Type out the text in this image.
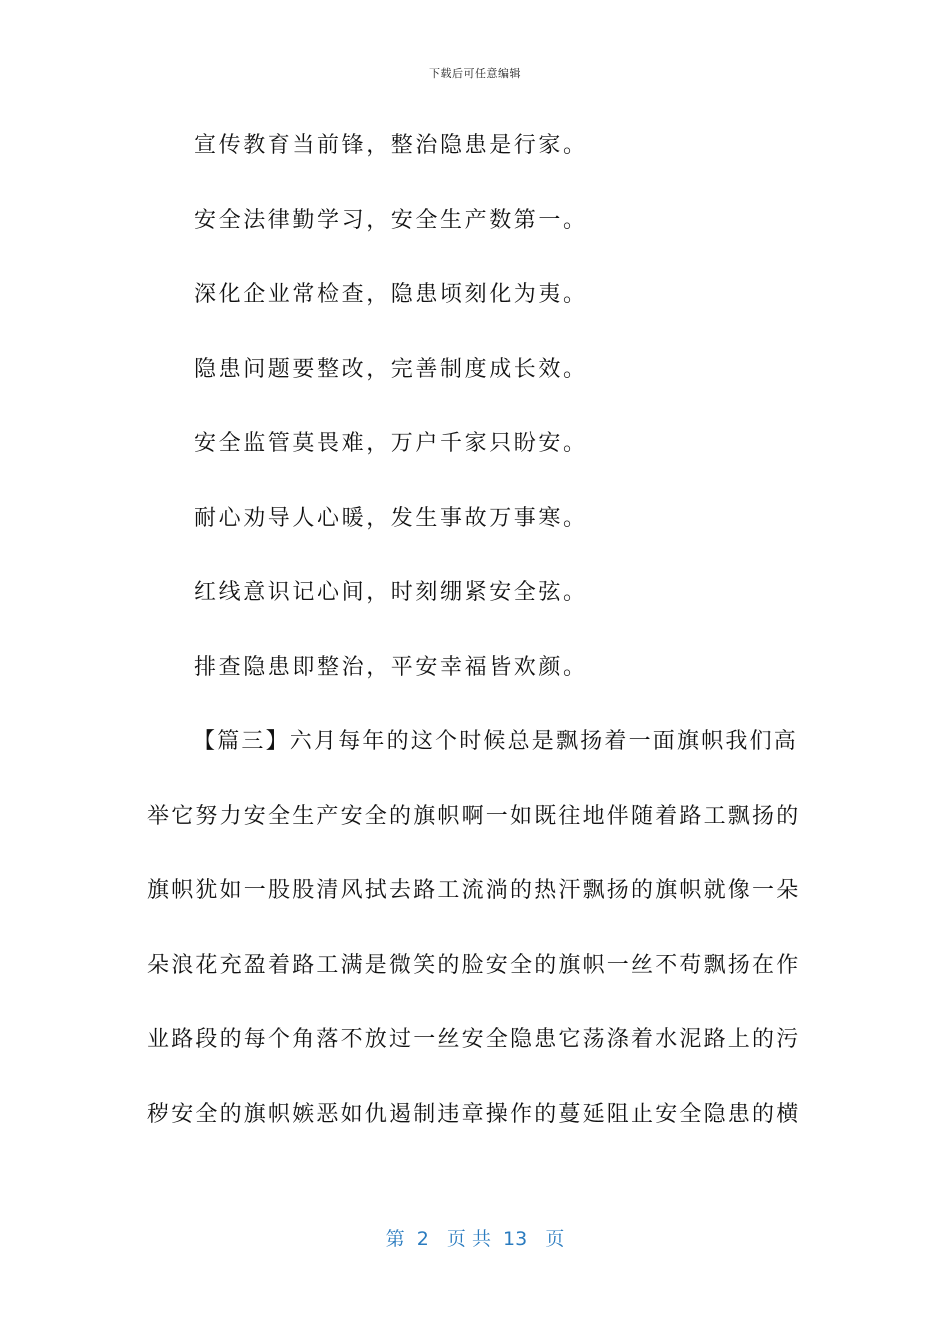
下载后可任意编辑
宣传教育当前锋，整治隐患是行家。
安全法律勤学习，安全生产数第一。
深化企业常检查，隐患顷刻化为夷。
隐患问题要整改，完善制度成长效。
安全监管莫畏难，万户千家只盼安。
耐心劝导人心暖，发生事故万事寒。
红线意识记心间，时刻绷紧安全弦。
排查隐患即整治，平安幸福皆欢颜。
【篇三】六月每年的这个时候总是飘扬着一面旗帜我们高
举它努力安全生产安全的旗帜啊一如既往地伴随着路工飘扬的
旗帜犹如一股股清风拭去路工流淌的热汗飘扬的旗帜就像一朵
朵浪花充盈着路工满是微笑的脸安全的旗帜一丝不苟飘扬在作
业路段的每个角落不放过一丝安全隐患它荡涤着水泥路上的污
秽安全的旗帜嫉恶如仇遏制违章操作的蔓延阻止安全隐患的横
第  2   页 共  13   页
